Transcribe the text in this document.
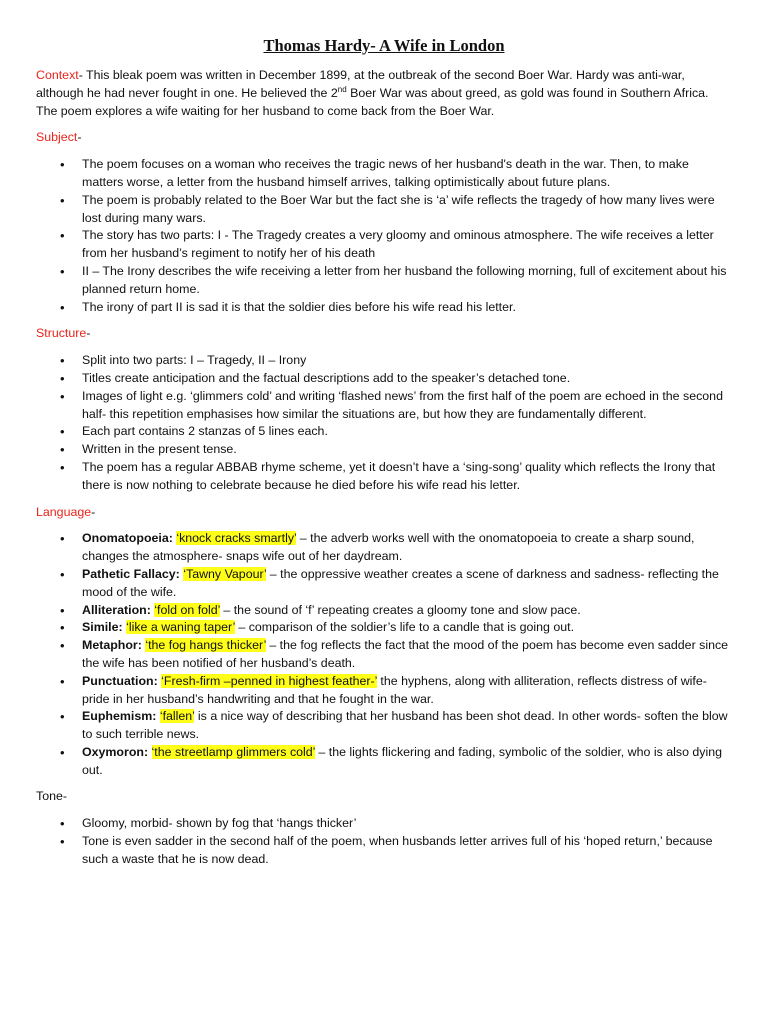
Thomas Hardy- A Wife in London

Context- This bleak poem was written in December 1899, at the outbreak of the second Boer War. Hardy was anti-war, although he had never fought in one. He believed the 2nd Boer War was about greed, as gold was found in Southern Africa. The poem explores a wife waiting for her husband to come back from the Boer War.

Subject-

• The poem focuses on a woman who receives the tragic news of her husband's death in the war. Then, to make matters worse, a letter from the husband himself arrives, talking optimistically about future plans.
• The poem is probably related to the Boer War but the fact she is ‘a’ wife reflects the tragedy of how many lives were lost during many wars.
• The story has two parts: I - The Tragedy creates a very gloomy and ominous atmosphere. The wife receives a letter from her husband’s regiment to notify her of his death
• II – The Irony describes the wife receiving a letter from her husband the following morning, full of excitement about his planned return home.
• The irony of part II is sad it is that the soldier dies before his wife read his letter.

Structure-

• Split into two parts: I – Tragedy, II – Irony
• Titles create anticipation and the factual descriptions add to the speaker’s detached tone.
• Images of light e.g. ‘glimmers cold’ and writing ‘flashed news’ from the first half of the poem are echoed in the second half- this repetition emphasises how similar the situations are, but how they are fundamentally different.
• Each part contains 2 stanzas of 5 lines each.
• Written in the present tense.
• The poem has a regular ABBAB rhyme scheme, yet it doesn’t have a ‘sing-song’ quality which reflects the Irony that there is now nothing to celebrate because he died before his wife read his letter.

Language-

• Onomatopoeia: ‘knock cracks smartly’ – the adverb works well with the onomatopoeia to create a sharp sound, changes the atmosphere- snaps wife out of her daydream.
• Pathetic Fallacy: ‘Tawny Vapour’ – the oppressive weather creates a scene of darkness and sadness- reflecting the mood of the wife.
• Alliteration: ‘fold on fold’ – the sound of ‘f’ repeating creates a gloomy tone and slow pace.
• Simile: ‘like a waning taper’ – comparison of the soldier’s life to a candle that is going out.
• Metaphor: ‘the fog hangs thicker’ – the fog reflects the fact that the mood of the poem has become even sadder since the wife has been notified of her husband’s death.
• Punctuation: ‘Fresh-firm –penned in highest feather-’ the hyphens, along with alliteration, reflects distress of wife- pride in her husband’s handwriting and that he fought in the war.
• Euphemism: ‘fallen’ is a nice way of describing that her husband has been shot dead. In other words- soften the blow to such terrible news.
• Oxymoron: ‘the streetlamp glimmers cold’ – the lights flickering and fading, symbolic of the soldier, who is also dying out.

Tone-

• Gloomy, morbid- shown by fog that ‘hangs thicker’
• Tone is even sadder in the second half of the poem, when husbands letter arrives full of his ‘hoped return,’ because such a waste that he is now dead.
